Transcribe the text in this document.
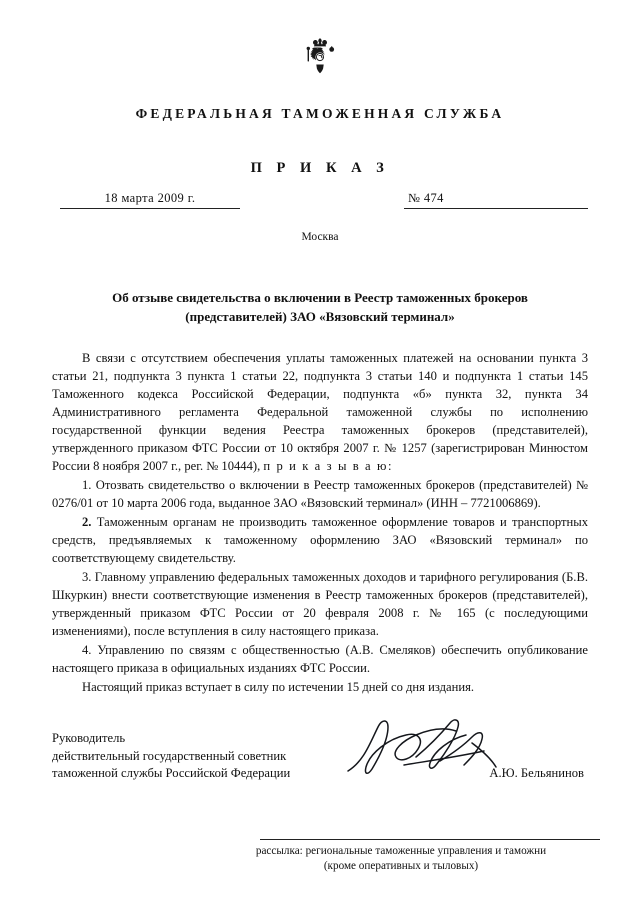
ФЕДЕРАЛЬНАЯ ТАМОЖЕННАЯ СЛУЖБА
П Р И К А З
18 марта 2009 г.	№ 474
Москва
Об отзыве свидетельства о включении в Реестр таможенных брокеров
(представителей) ЗАО «Вязовский терминал»

В связи с отсутствием обеспечения уплаты таможенных платежей на основании пункта 3 статьи 21, подпункта 3 пункта 1 статьи 22, подпункта 3 статьи 140 и подпункта 1 статьи 145 Таможенного кодекса Российской Федерации, подпункта «б» пункта 32, пункта 34 Административного регламента Федеральной таможенной службы по исполнению государственной функции ведения Реестра таможенных брокеров (представителей), утвержденного приказом ФТС России от 10 октября 2007 г. № 1257 (зарегистрирован Минюстом России 8 ноября 2007 г., рег. № 10444), п р и к а з ы в а ю:

1. Отозвать свидетельство о включении в Реестр таможенных брокеров (представителей) № 0276/01 от 10 марта 2006 года, выданное ЗАО «Вязовский терминал» (ИНН – 7721006869).

2. Таможенным органам не производить таможенное оформление товаров и транспортных средств, предъявляемых к таможенному оформлению ЗАО «Вязовский терминал» по соответствующему свидетельству.

3. Главному управлению федеральных таможенных доходов и тарифного регулирования (Б.В. Шкуркин) внести соответствующие изменения в Реестр таможенных брокеров (представителей), утвержденный приказом ФТС России от 20 февраля 2008 г. № 165 (с последующими изменениями), после вступления в силу настоящего приказа.

4. Управлению по связям с общественностью (А.В. Смеляков) обеспечить опубликование настоящего приказа в официальных изданиях ФТС России.

Настоящий приказ вступает в силу по истечении 15 дней со дня издания.

Руководитель
действительный государственный советник
таможенной службы Российской Федерации	А.Ю. Бельянинов
рассылка: региональные таможенные управления и таможни
(кроме оперативных и тыловых)
